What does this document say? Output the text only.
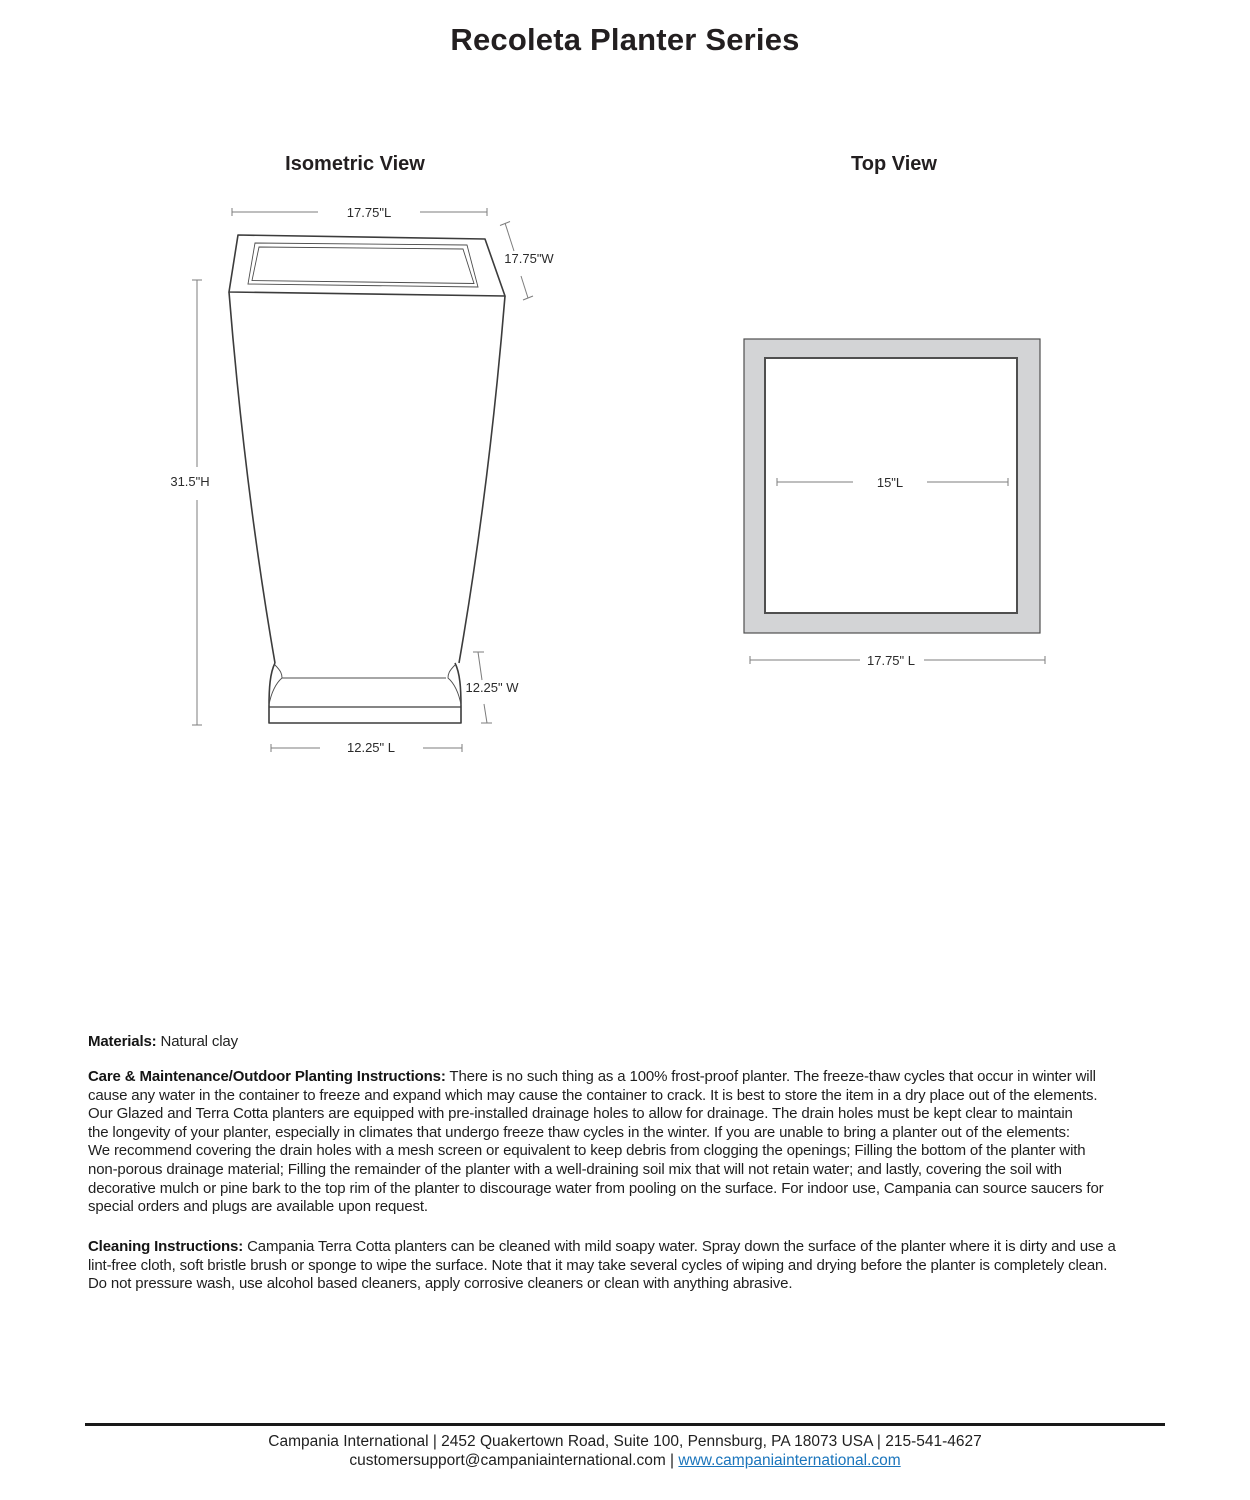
Recoleta Planter Series
Isometric View	Top View
17.75"L
17.75"W
31.5"H
12.25" W
12.25" L
15"L
17.75" L
Materials: Natural clay
Care & Maintenance/Outdoor Planting Instructions: There is no such thing as a 100% frost-proof planter. The freeze-thaw cycles that occur in winter will
cause any water in the container to freeze and expand which may cause the container to crack. It is best to store the item in a dry place out of the elements.
Our Glazed and Terra Cotta planters are equipped with pre-installed drainage holes to allow for drainage. The drain holes must be kept clear to maintain
the longevity of your planter, especially in climates that undergo freeze thaw cycles in the winter. If you are unable to bring a planter out of the elements:
We recommend covering the drain holes with a mesh screen or equivalent to keep debris from clogging the openings; Filling the bottom of the planter with
non-porous drainage material; Filling the remainder of the planter with a well-draining soil mix that will not retain water; and lastly, covering the soil with
decorative mulch or pine bark to the top rim of the planter to discourage water from pooling on the surface. For indoor use, Campania can source saucers for
special orders and plugs are available upon request.
Cleaning Instructions: Campania Terra Cotta planters can be cleaned with mild soapy water. Spray down the surface of the planter where it is dirty and use a
lint-free cloth, soft bristle brush or sponge to wipe the surface. Note that it may take several cycles of wiping and drying before the planter is completely clean.
Do not pressure wash, use alcohol based cleaners, apply corrosive cleaners or clean with anything abrasive.
Campania International | 2452 Quakertown Road, Suite 100, Pennsburg, PA 18073 USA | 215-541-4627
customersupport@campaniainternational.com | www.campaniainternational.com
